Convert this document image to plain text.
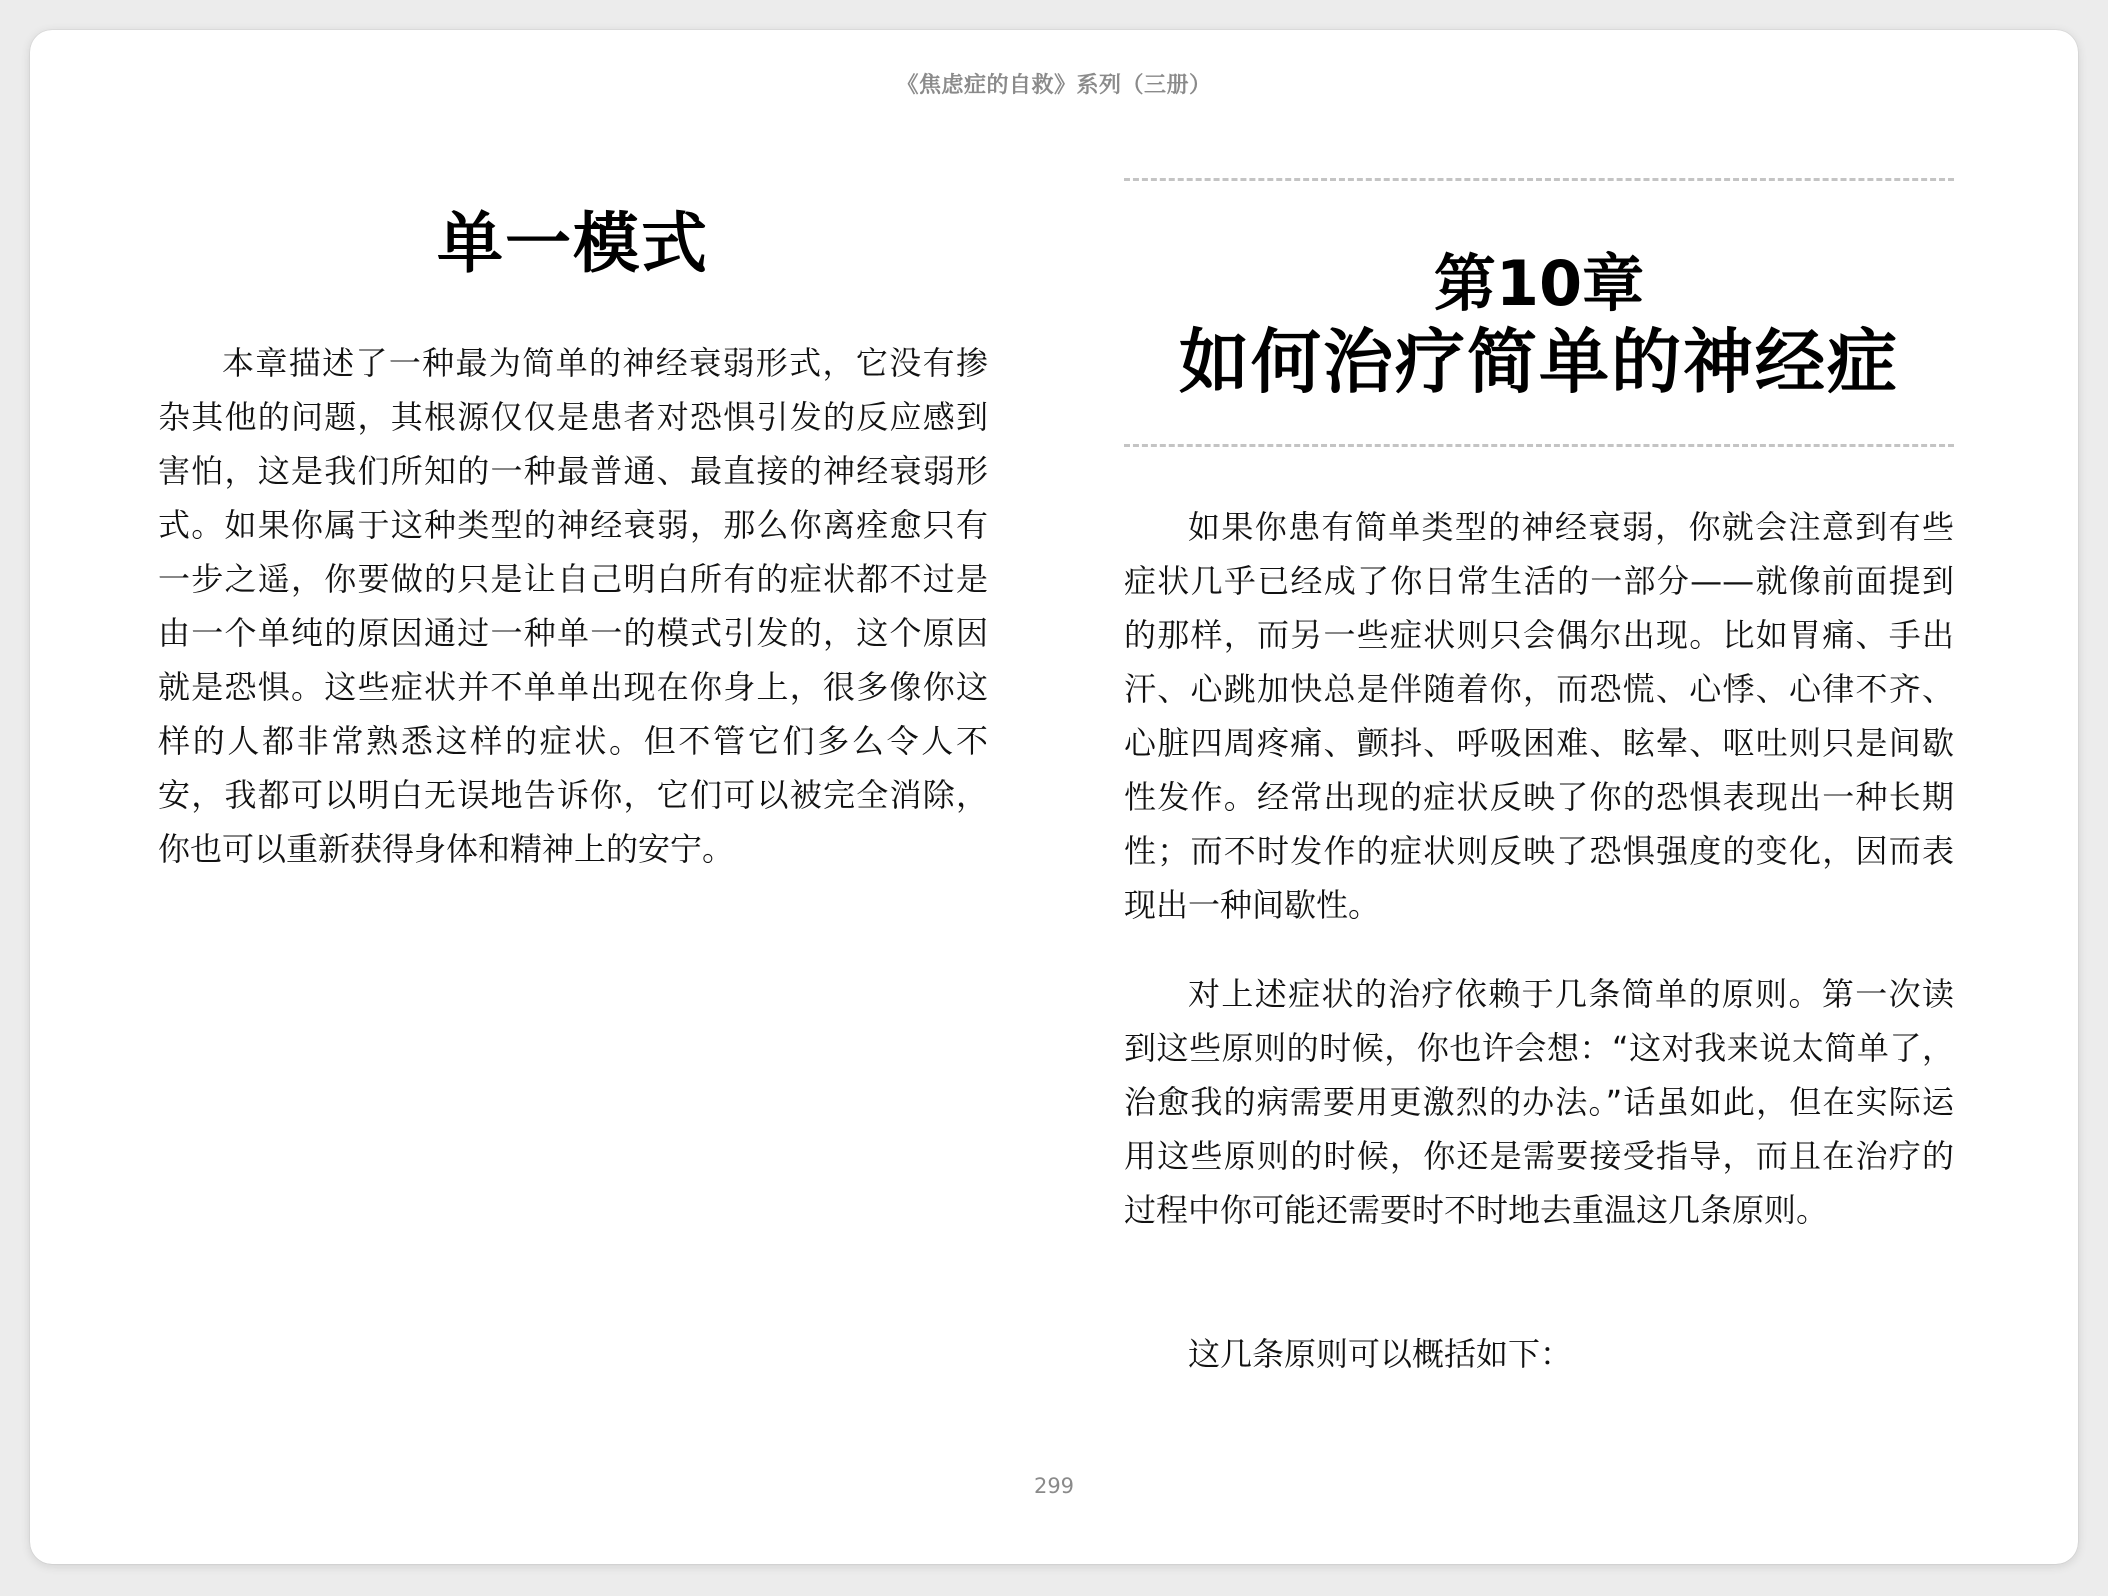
《焦虑症的自救》系列（三册）
单一模式

本章描述了一种最为简单的神经衰弱形式，它没有掺杂其他的问题，其根源仅仅是患者对恐惧引发的反应感到害怕，这是我们所知的一种最普通、最直接的神经衰弱形式。如果你属于这种类型的神经衰弱，那么你离痊愈只有一步之遥，你要做的只是让自己明白所有的症状都不过是由一个单纯的原因通过一种单一的模式引发的，这个原因就是恐惧。这些症状并不单单出现在你身上，很多像你这样的人都非常熟悉这样的症状。但不管它们多么令人不安，我都可以明白无误地告诉你，它们可以被完全消除，你也可以重新获得身体和精神上的安宁。

第10章
如何治疗简单的神经症

如果你患有简单类型的神经衰弱，你就会注意到有些症状几乎已经成了你日常生活的一部分——就像前面提到的那样，而另一些症状则只会偶尔出现。比如胃痛、手出汗、心跳加快总是伴随着你，而恐慌、心悸、心律不齐、心脏四周疼痛、颤抖、呼吸困难、眩晕、呕吐则只是间歇性发作。经常出现的症状反映了你的恐惧表现出一种长期性；而不时发作的症状则反映了恐惧强度的变化，因而表现出一种间歇性。

对上述症状的治疗依赖于几条简单的原则。第一次读到这些原则的时候，你也许会想：“这对我来说太简单了，治愈我的病需要用更激烈的办法。”话虽如此，但在实际运用这些原则的时候，你还是需要接受指导，而且在治疗的过程中你可能还需要时不时地去重温这几条原则。

这几条原则可以概括如下：

299
